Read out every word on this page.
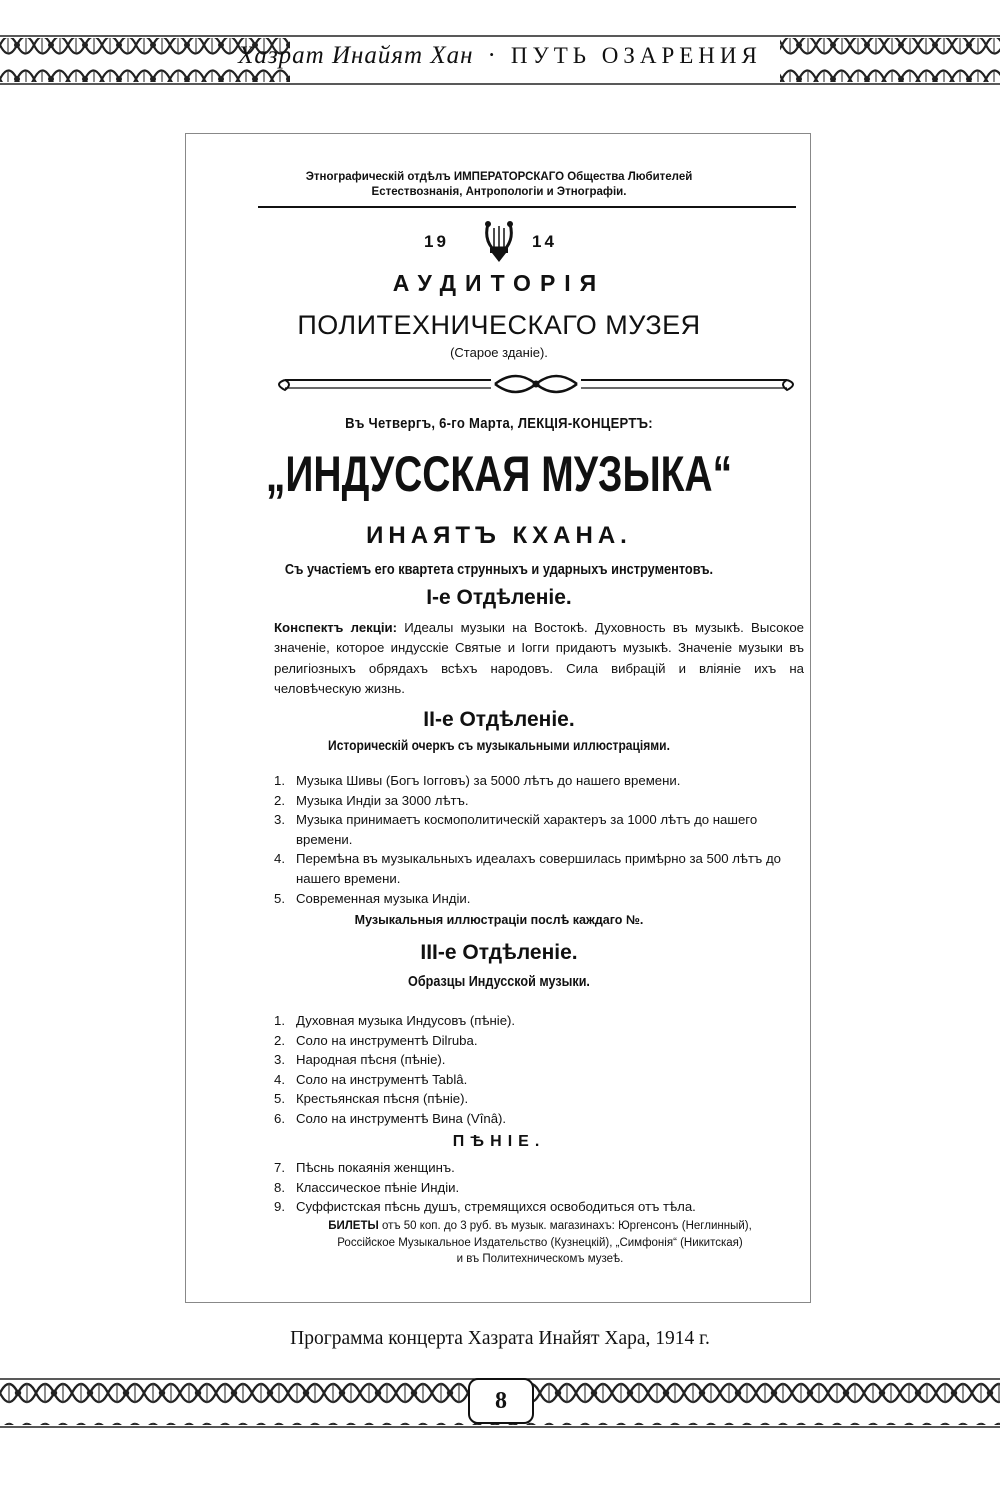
Хазрат Инайят Хан · ПУТЬ ОЗАРЕНИЯ
Этнографическій отдѣлъ ИМПЕРАТОРСКАГО Общества Любителей
Естествознанія, Антропологіи и Этнографіи.
19	14
АУДИТОРІЯ
ПОЛИТЕХНИЧЕСКАГО МУЗЕЯ
(Старое зданіе).
Въ Четвергъ, 6-го Марта, ЛЕКЦІЯ-КОНЦЕРТЪ:
„ИНДУССКАЯ МУЗЫКА“
ИНАЯТЪ КХАНА.
Съ участіемъ его квартета струнныхъ и ударныхъ инструментовъ.
I-е Отдѣленіе.
Конспектъ лекціи: Идеалы музыки на Востокѣ. Духовность въ музыкѣ. Высокое значеніе, которое индусскіе Святые и Іогги придаютъ музыкѣ. Значеніе музыки въ религіозныхъ обрядахъ всѣхъ народовъ. Сила вибрацій и вліяніе ихъ на человѣческую жизнь.
II-е Отдѣленіе.
Историческій очеркъ съ музыкальными иллюстраціями.
1. Музыка Шивы (Богъ Іогговъ) за 5000 лѣтъ до нашего времени.
2. Музыка Индіи за 3000 лѣтъ.
3. Музыка принимаетъ космополитическій характеръ за 1000 лѣтъ до нашего времени.
4. Перемѣна въ музыкальныхъ идеалахъ совершилась примѣрно за 500 лѣтъ до нашего времени.
5. Современная музыка Индіи.
Музыкальныя иллюстраціи послѣ каждаго №.
III-е Отдѣленіе.
Образцы Индусской музыки.
1. Духовная музыка Индусовъ (пѣніе).
2. Соло на инструментѣ Dilruba.
3. Народная пѣсня (пѣніе).
4. Соло на инструментѣ Tablâ.
5. Крестьянская пѣсня (пѣніе).
6. Соло на инструментѣ Вина (Vînâ).
ПѢНІЕ.
7. Пѣснь покаянія женщинъ.
8. Классическое пѣніе Индіи.
9. Суффистская пѣснь душъ, стремящихся освободиться отъ тѣла.
БИЛЕТЫ отъ 50 коп. до 3 руб. въ музык. магазинахъ: Юргенсонъ (Неглинный),
Россійское Музыкальное Издательство (Кузнецкій), „Симфонія“ (Никитская)
и въ Политехническомъ музеѣ.
Программа концерта Хазрата Инайят Хара, 1914 г.
8
